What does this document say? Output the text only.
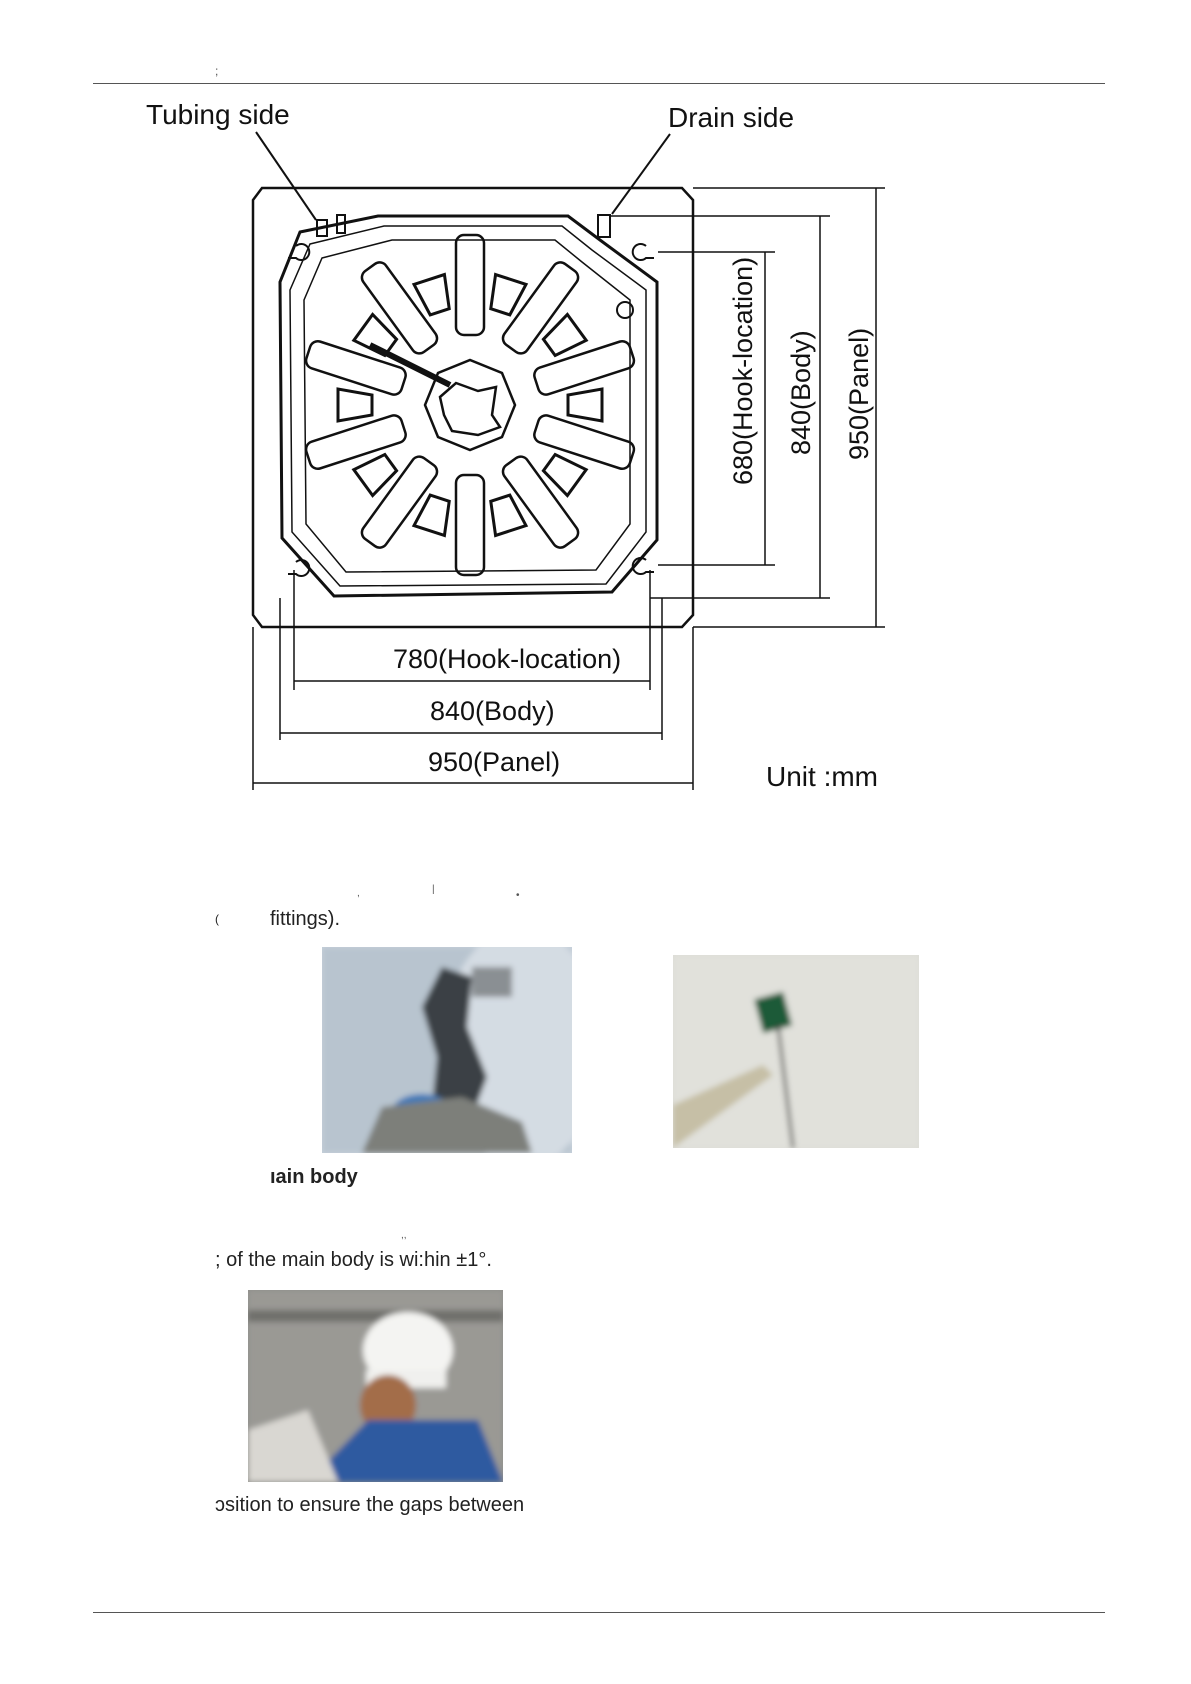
;
Tubing side	Drain side
680(Hook-location) 840(Body) 950(Panel)
780(Hook-location)
840(Body)
950(Panel)	Unit :mm
,	|
•
(	fittings).
ıain body
,,
; of the main body is wi:hin ±1°.
ɔsition to ensure the gaps between
